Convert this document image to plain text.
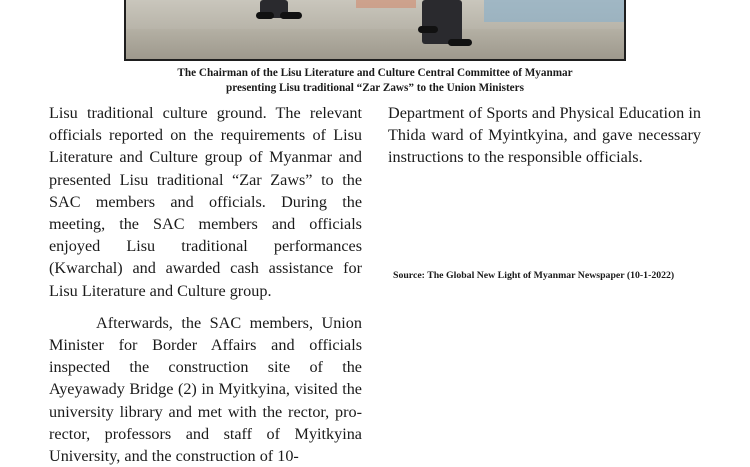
The Chairman of the Lisu Literature and Culture Central Committee of Myanmar
presenting Lisu traditional “Zar Zaws” to the Union Ministers

Lisu traditional culture ground. The relevant officials reported on the requirements of Lisu Literature and Culture group of Myanmar and presented Lisu traditional “Zar Zaws” to the SAC members and officials. During the meeting, the SAC members and officials enjoyed Lisu traditional performances (Kwarchal) and awarded cash assistance for Lisu Literature and Culture group.

Afterwards, the SAC members, Union Minister for Border Affairs and officials inspected the construction site of the Ayeyawady Bridge (2) in Myitkyina, visited the university library and met with the rector, pro-rector, professors and staff of Myitkyina University, and the construction of 10-

Department of Sports and Physical Education in Thida ward of Myintkyina, and gave necessary instructions to the responsible officials.

Source: The Global New Light of Myanmar Newspaper (10-1-2022)
